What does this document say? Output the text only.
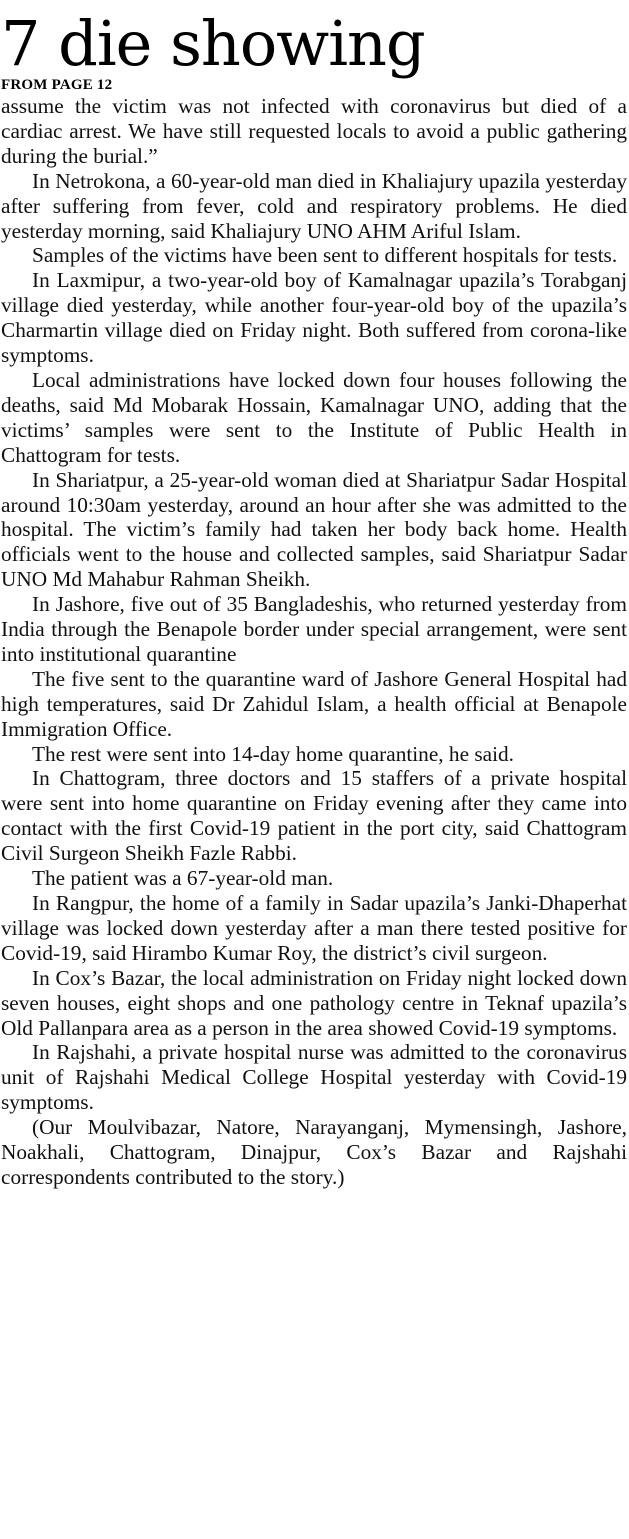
7 die showing
FROM PAGE 12

assume the victim was not infected with coronavirus but died of a cardiac arrest. We have still requested locals to avoid a public gathering during the burial.”

In Netrokona, a 60-year-old man died in Khaliajury upazila yesterday after suffering from fever, cold and respiratory problems. He died yesterday morning, said Khaliajury UNO AHM Ariful Islam.

Samples of the victims have been sent to different hospitals for tests.

In Laxmipur, a two-year-old boy of Kamalnagar upazila’s Torabganj village died yesterday, while another four-year-old boy of the upazila’s Charmartin village died on Friday night. Both suffered from corona-like symptoms.

Local administrations have locked down four houses following the deaths, said Md Mobarak Hossain, Kamalnagar UNO, adding that the victims’ samples were sent to the Institute of Public Health in Chattogram for tests.

In Shariatpur, a 25-year-old woman died at Shariatpur Sadar Hospital around 10:30am yesterday, around an hour after she was admitted to the hospital. The victim’s family had taken her body back home. Health officials went to the house and collected samples, said Shariatpur Sadar UNO Md Mahabur Rahman Sheikh.

In Jashore, five out of 35 Bangladeshis, who returned yesterday from India through the Benapole border under special arrangement, were sent into institutional quarantine

The five sent to the quarantine ward of Jashore General Hospital had high temperatures, said Dr Zahidul Islam, a health official at Benapole Immigration Office.

The rest were sent into 14-day home quarantine, he said.

In Chattogram, three doctors and 15 staffers of a private hospital were sent into home quarantine on Friday evening after they came into contact with the first Covid-19 patient in the port city, said Chattogram Civil Surgeon Sheikh Fazle Rabbi.

The patient was a 67-year-old man.

In Rangpur, the home of a family in Sadar upazila’s Janki-Dhaperhat village was locked down yesterday after a man there tested positive for Covid-19, said Hirambo Kumar Roy, the district’s civil surgeon.

In Cox’s Bazar, the local administration on Friday night locked down seven houses, eight shops and one pathology centre in Teknaf upazila’s Old Pallanpara area as a person in the area showed Covid-19 symptoms.

In Rajshahi, a private hospital nurse was admitted to the coronavirus unit of Rajshahi Medical College Hospital yesterday with Covid-19 symptoms.

(Our Moulvibazar, Natore, Narayanganj, Mymensingh, Jashore, Noakhali, Chattogram, Dinajpur, Cox’s Bazar and Rajshahi correspondents contributed to the story.)
